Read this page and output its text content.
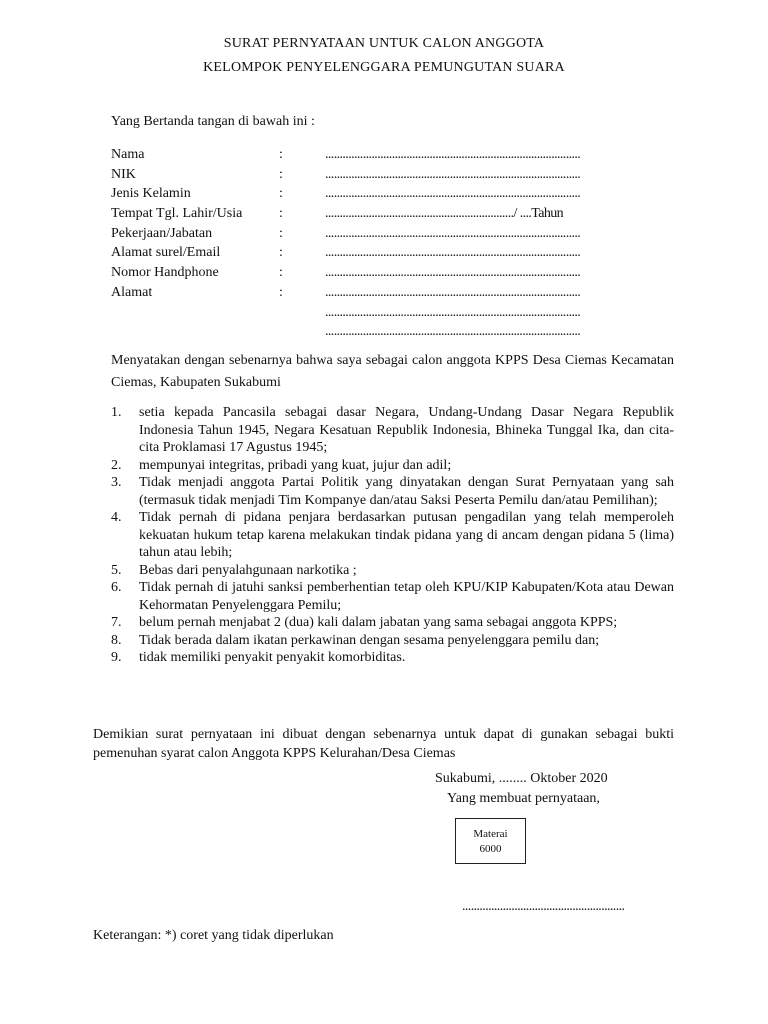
SURAT PERNYATAAN UNTUK CALON ANGGOTA
KELOMPOK PENYELENGGARA PEMUNGUTAN SUARA
Yang Bertanda tangan di bawah ini :
Nama	:	........................................................................................
NIK	:	........................................................................................
Jenis Kelamin	:	........................................................................................
Tempat Tgl. Lahir/Usia	:	................................................................./ ....Tahun
Pekerjaan/Jabatan	:	........................................................................................
Alamat surel/Email	:	........................................................................................
Nomor Handphone	:	........................................................................................
Alamat	:	........................................................................................
........................................................................................
........................................................................................
Menyatakan dengan sebenarnya bahwa saya sebagai calon anggota KPPS Desa Ciemas Kecamatan Ciemas, Kabupaten Sukabumi
1. setia kepada Pancasila sebagai dasar Negara, Undang-Undang Dasar Negara Republik Indonesia Tahun 1945, Negara Kesatuan Republik Indonesia, Bhineka Tunggal Ika, dan cita-cita Proklamasi 17 Agustus 1945;
2. mempunyai integritas, pribadi yang kuat, jujur dan adil;
3. Tidak menjadi anggota Partai Politik yang dinyatakan dengan Surat Pernyataan yang sah (termasuk tidak menjadi Tim Kompanye dan/atau Saksi Peserta Pemilu dan/atau Pemilihan);
4. Tidak pernah di pidana penjara berdasarkan putusan pengadilan yang telah memperoleh kekuatan hukum tetap karena melakukan tindak pidana yang di ancam dengan pidana 5 (lima) tahun atau lebih;
5. Bebas dari penyalahgunaan narkotika ;
6. Tidak pernah di jatuhi sanksi pemberhentian tetap oleh KPU/KIP Kabupaten/Kota atau Dewan Kehormatan Penyelenggara Pemilu;
7. belum pernah menjabat 2 (dua) kali dalam jabatan yang sama sebagai anggota KPPS;
8. Tidak berada dalam ikatan perkawinan dengan sesama penyelenggara pemilu dan;
9. tidak memiliki penyakit penyakit komorbiditas.
Demikian surat pernyataan ini dibuat dengan sebenarnya untuk dapat di gunakan sebagai bukti pemenuhan syarat calon Anggota KPPS Kelurahan/Desa Ciemas
Sukabumi, ........ Oktober 2020
Yang membuat pernyataan,
Materai
6000
........................................................
Keterangan: *) coret yang tidak diperlukan
